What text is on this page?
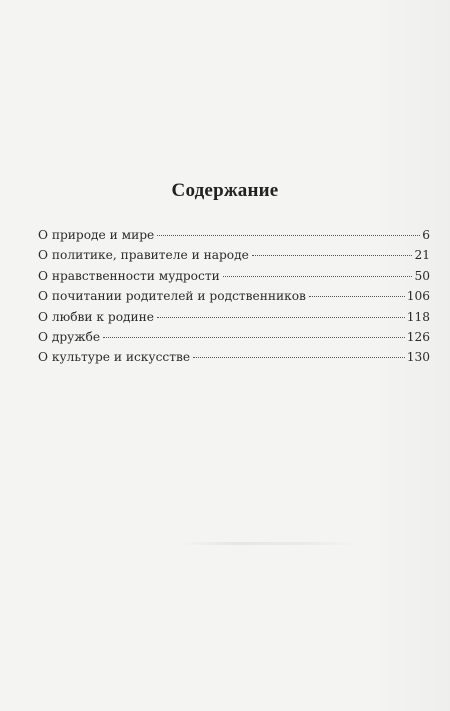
Содержание
О природе и мире	6
О политике, правителе и народе	21
О нравственности мудрости	50
О почитании родителей и родственников	106
О любви к родине	118
О дружбе	126
О культуре и искусстве	130
